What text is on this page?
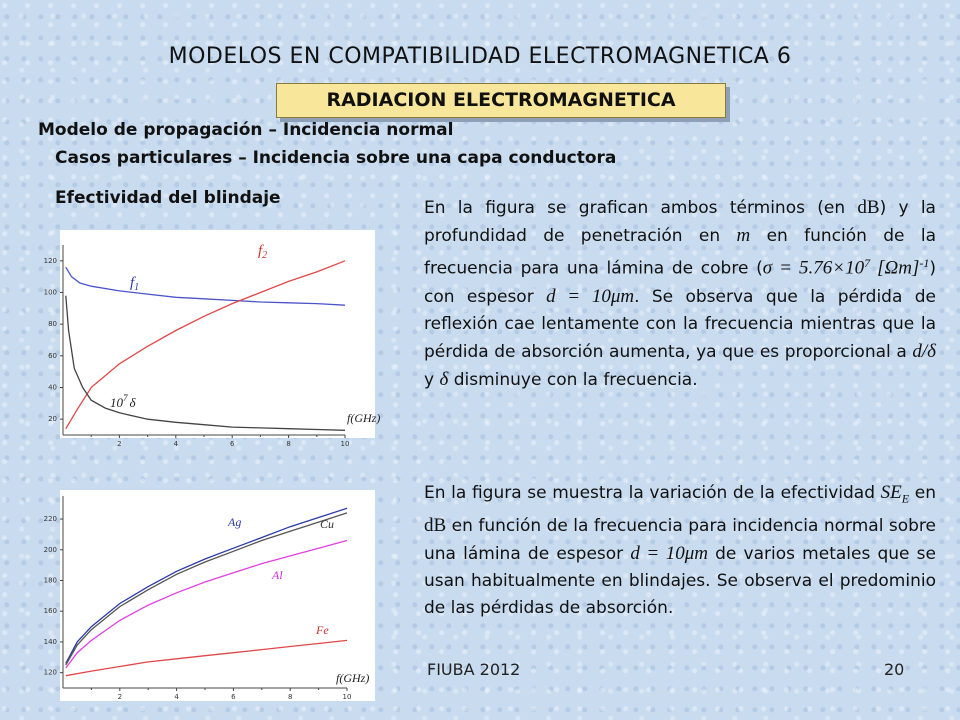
MODELOS EN COMPATIBILIDAD ELECTROMAGNETICA 6
RADIACION ELECTROMAGNETICA
Modelo de propagación – Incidencia normal
Casos particulares – Incidencia sobre una capa conductora
Efectividad del blindaje
2	4	6	8	10
20
40
60
80
100
120
$f_1$
$f_2$
$10^7$ δ
f(GHz)
2	4	6	8	10
120
140
160
180
200
220	Ag	Cu
Al
Fe
f(GHz)
En la figura se grafican ambos términos (en dB) y la profundidad de penetración en m en función de la frecuencia para una lámina de cobre ($\sigma = 5.76\times 10^7$ $[\Omega m]^{-1}$) con espesor d = 10μm. Se observa que la pérdida de reflexión cae lentamente con la frecuencia mientras que la pérdida de absorción aumenta, ya que es proporcional a d/δ y δ disminuye con la frecuencia.
En la figura se muestra la variación de la efectividad $SE_E$ en dB en función de la frecuencia para incidencia normal sobre una lámina de espesor d = 10μm de varios metales que se usan habitualmente en blindajes. Se observa el predominio de las pérdidas de absorción.
FIUBA 2012	20
